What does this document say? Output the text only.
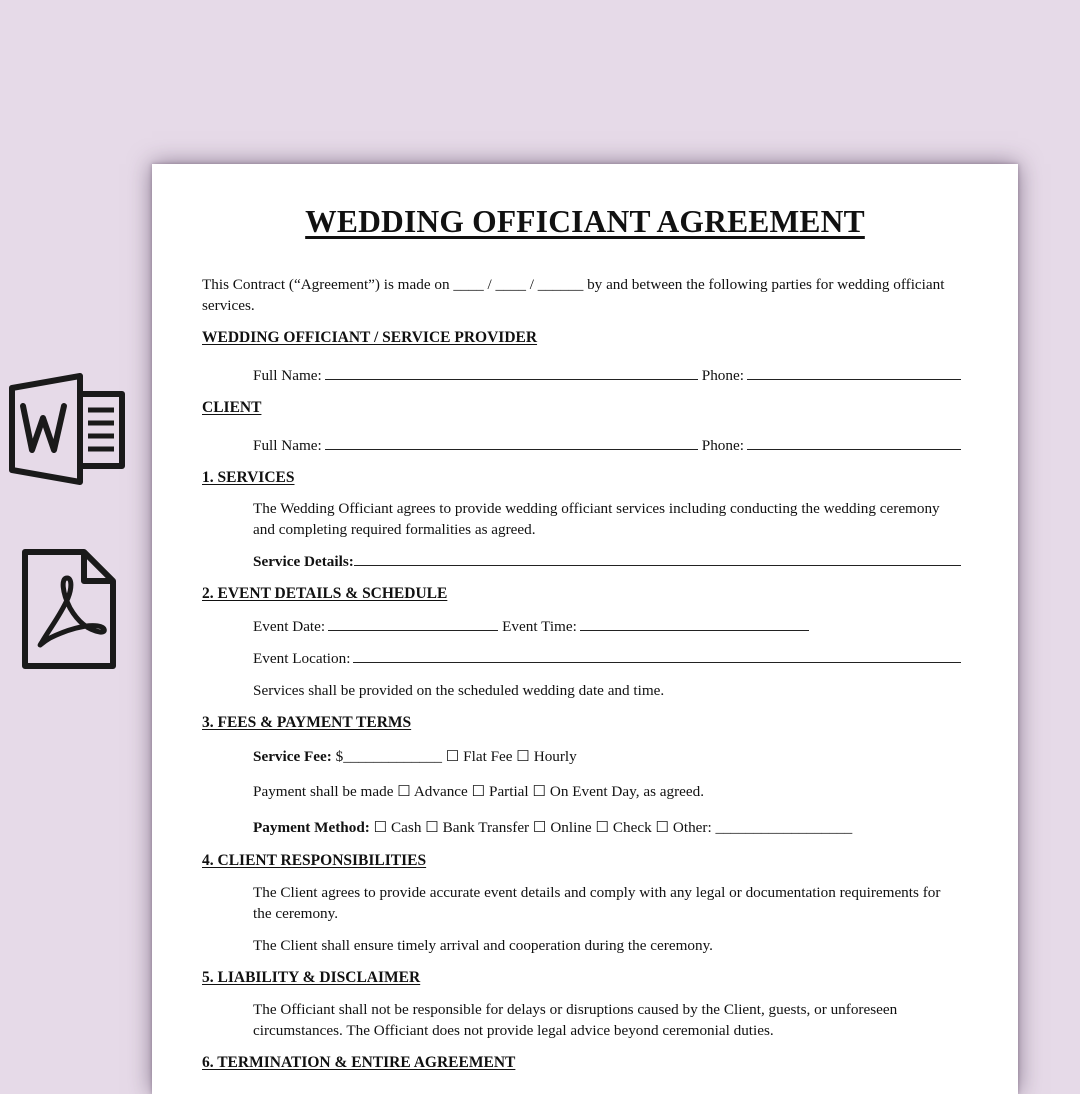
WEDDING OFFICIANT AGREEMENT
This Contract (“Agreement”) is made on ____ / ____ / ______ by and between the following parties for wedding officiant
services.
WEDDING OFFICIANT / SERVICE PROVIDER
Full Name:	Phone:
CLIENT
Full Name:	Phone:
1. SERVICES
The Wedding Officiant agrees to provide wedding officiant services including conducting the wedding ceremony
and completing required formalities as agreed.
Service Details:
2. EVENT DETAILS & SCHEDULE
Event Date:	Event Time:
Event Location:
Services shall be provided on the scheduled wedding date and time.
3. FEES & PAYMENT TERMS
Service Fee: $_____________ ☐ Flat Fee ☐ Hourly
Payment shall be made ☐ Advance ☐ Partial ☐ On Event Day, as agreed.
Payment Method: ☐ Cash ☐ Bank Transfer ☐ Online ☐ Check ☐ Other: __________________
4. CLIENT RESPONSIBILITIES
The Client agrees to provide accurate event details and comply with any legal or documentation requirements for
the ceremony.
The Client shall ensure timely arrival and cooperation during the ceremony.
5. LIABILITY & DISCLAIMER
The Officiant shall not be responsible for delays or disruptions caused by the Client, guests, or unforeseen
circumstances. The Officiant does not provide legal advice beyond ceremonial duties.
6. TERMINATION & ENTIRE AGREEMENT
